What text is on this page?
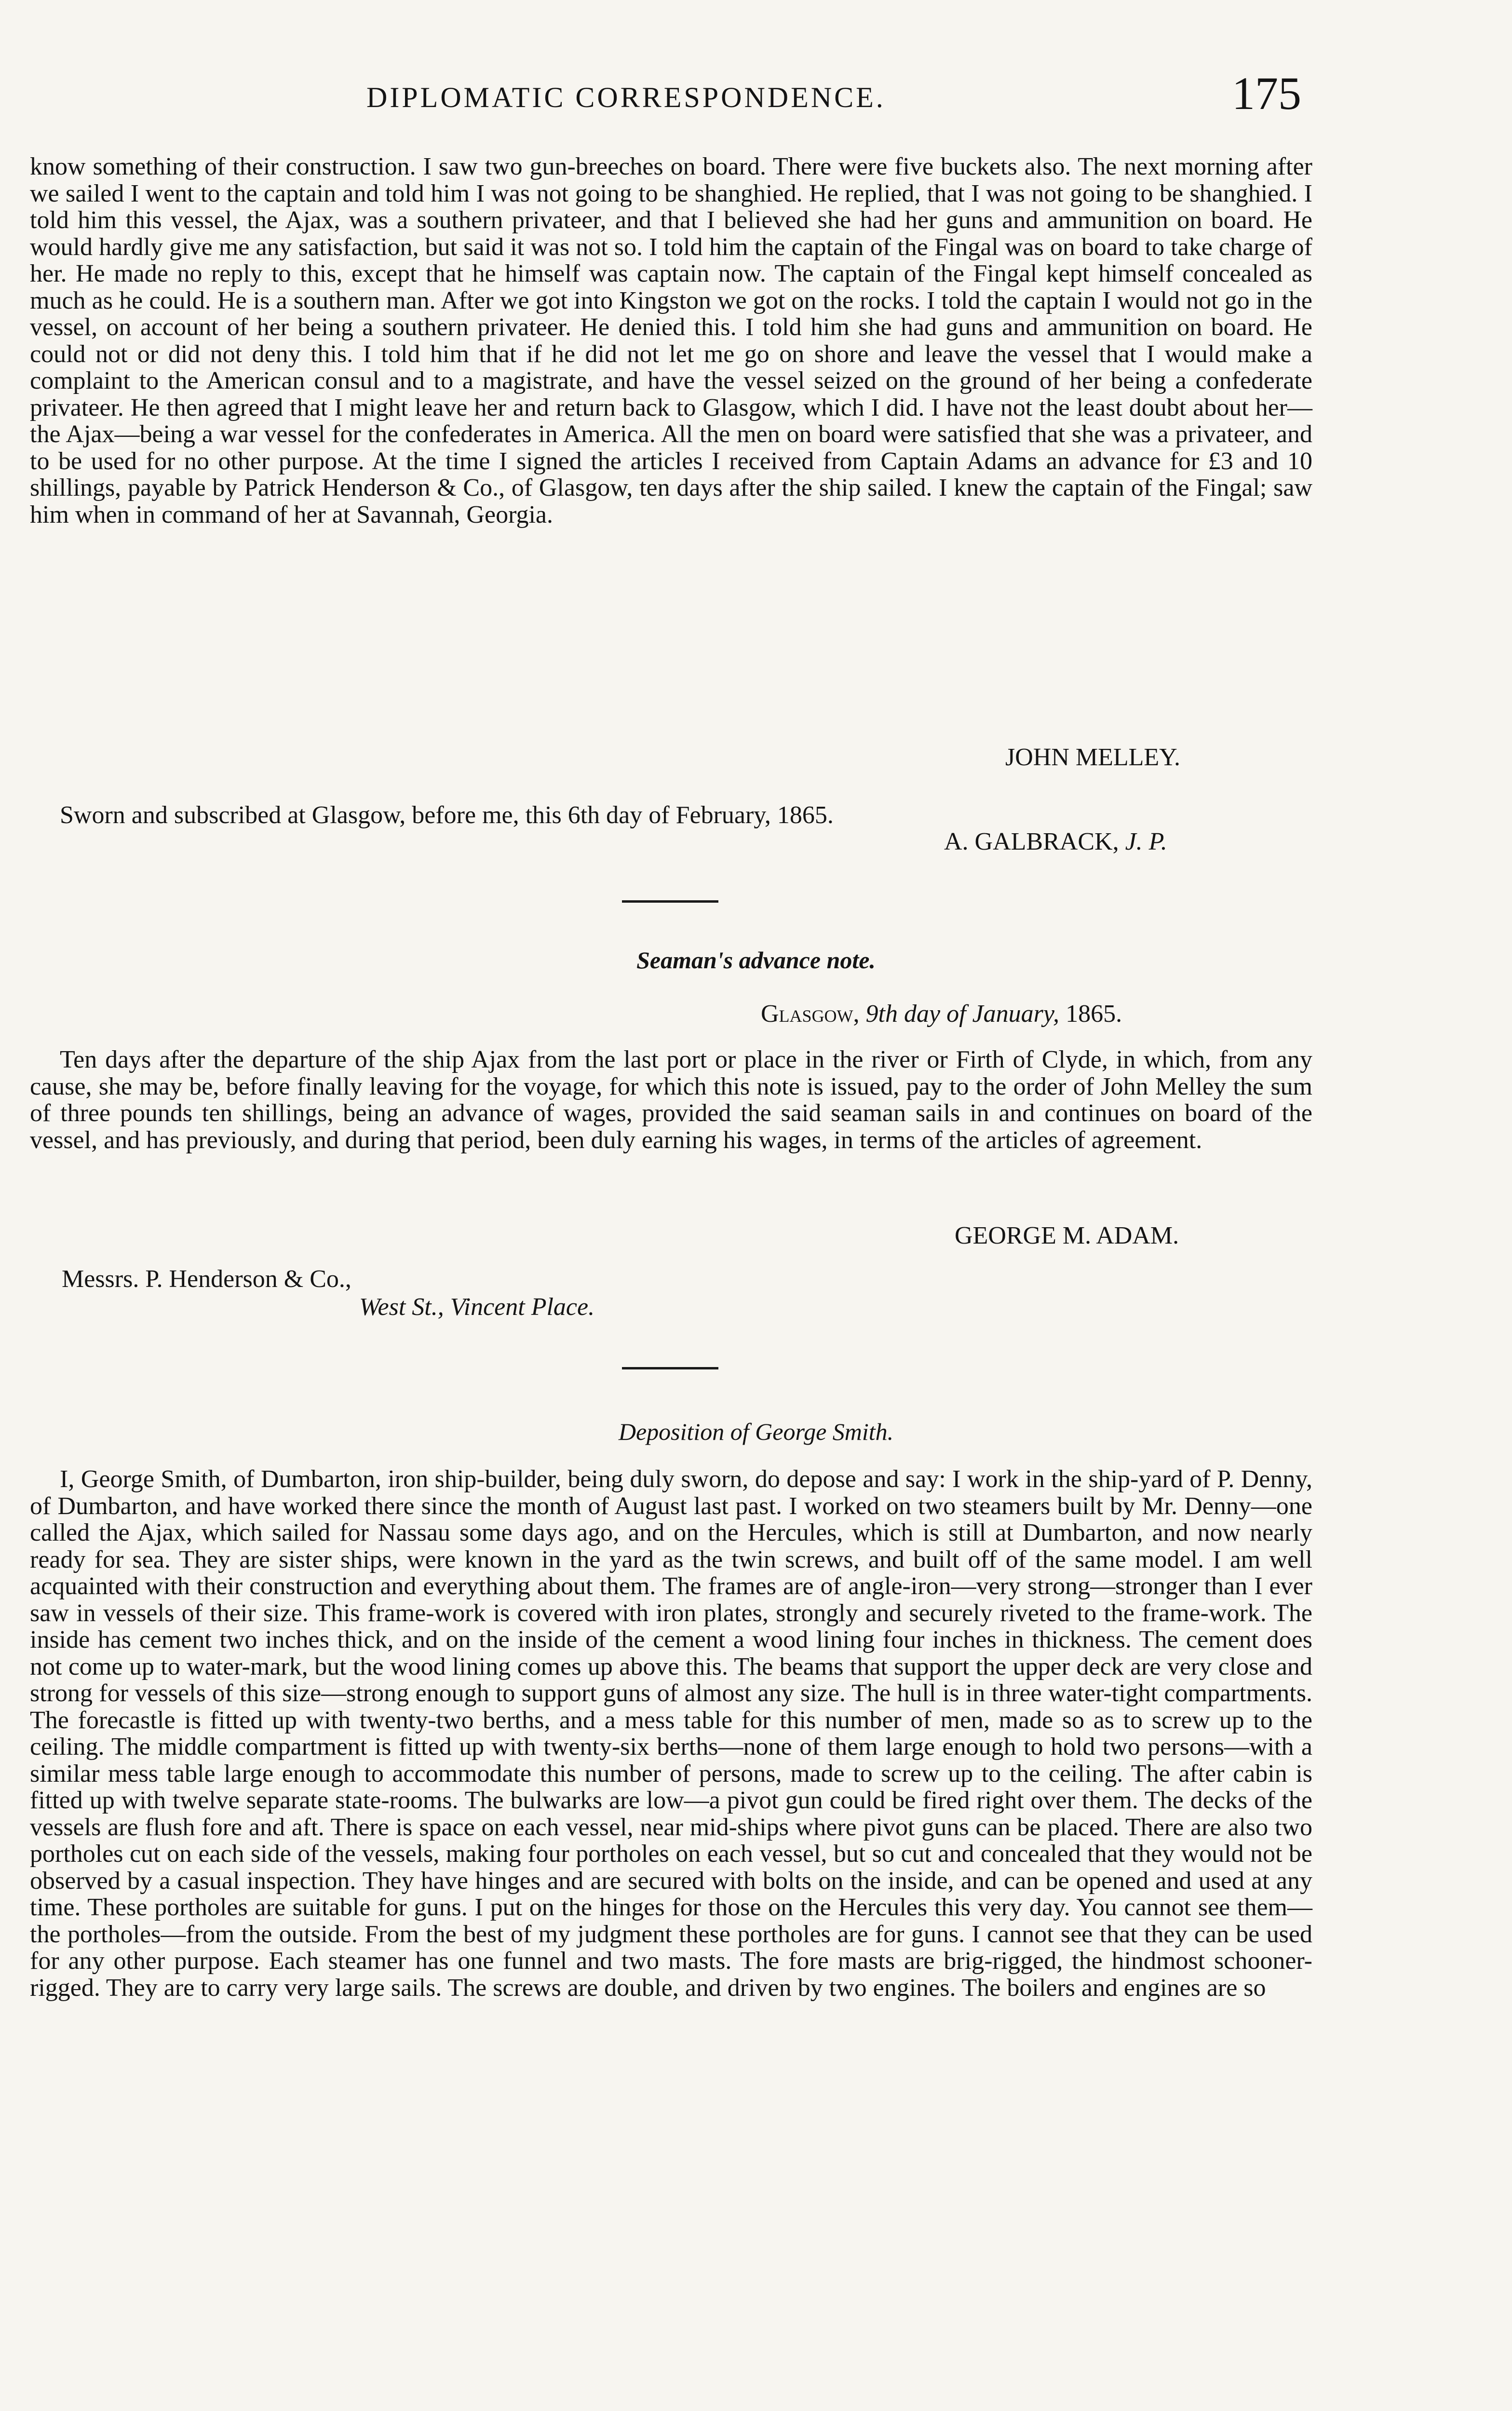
DIPLOMATIC CORRESPONDENCE.	175

know something of their construction. I saw two gun-breeches on board. There were five buckets also. The next morning after we sailed I went to the captain and told him I was not going to be shanghied. He replied, that I was not going to be shanghied. I told him this vessel, the Ajax, was a southern privateer, and that I believed she had her guns and ammunition on board. He would hardly give me any satisfaction, but said it was not so. I told him the captain of the Fingal was on board to take charge of her. He made no reply to this, except that he himself was captain now. The captain of the Fingal kept himself concealed as much as he could. He is a southern man. After we got into Kingston we got on the rocks. I told the captain I would not go in the vessel, on account of her being a southern privateer. He denied this. I told him she had guns and ammunition on board. He could not or did not deny this. I told him that if he did not let me go on shore and leave the vessel that I would make a complaint to the American consul and to a magistrate, and have the vessel seized on the ground of her being a confederate privateer. He then agreed that I might leave her and return back to Glasgow, which I did. I have not the least doubt about her—the Ajax—being a war vessel for the confederates in America. All the men on board were satisfied that she was a privateer, and to be used for no other purpose. At the time I signed the articles I received from Captain Adams an advance for £3 and 10 shillings, payable by Patrick Henderson & Co., of Glasgow, ten days after the ship sailed. I knew the captain of the Fingal; saw him when in command of her at Savannah, Georgia.

JOHN MELLEY.

Sworn and subscribed at Glasgow, before me, this 6th day of February, 1865.

A. GALBRACK, J. P.
Seaman's advance note.
Glasgow, 9th day of January, 1865.

Ten days after the departure of the ship Ajax from the last port or place in the river or Firth of Clyde, in which, from any cause, she may be, before finally leaving for the voyage, for which this note is issued, pay to the order of John Melley the sum of three pounds ten shillings, being an advance of wages, provided the said seaman sails in and continues on board of the vessel, and has previously, and during that period, been duly earning his wages, in terms of the articles of agreement.

GEORGE M. ADAM.
Messrs. P. Henderson & Co.,
West St., Vincent Place.
Deposition of George Smith.

I, George Smith, of Dumbarton, iron ship-builder, being duly sworn, do depose and say: I work in the ship-yard of P. Denny, of Dumbarton, and have worked there since the month of August last past. I worked on two steamers built by Mr. Denny—one called the Ajax, which sailed for Nassau some days ago, and on the Hercules, which is still at Dumbarton, and now nearly ready for sea. They are sister ships, were known in the yard as the twin screws, and built off of the same model. I am well acquainted with their construction and everything about them. The frames are of angle-iron—very strong—stronger than I ever saw in vessels of their size. This frame-work is covered with iron plates, strongly and securely riveted to the frame-work. The inside has cement two inches thick, and on the inside of the cement a wood lining four inches in thickness. The cement does not come up to water-mark, but the wood lining comes up above this. The beams that support the upper deck are very close and strong for vessels of this size—strong enough to support guns of almost any size. The hull is in three water-tight compartments. The forecastle is fitted up with twenty-two berths, and a mess table for this number of men, made so as to screw up to the ceiling. The middle compartment is fitted up with twenty-six berths—none of them large enough to hold two persons—with a similar mess table large enough to accommodate this number of persons, made to screw up to the ceiling. The after cabin is fitted up with twelve separate state-rooms. The bulwarks are low—a pivot gun could be fired right over them. The decks of the vessels are flush fore and aft. There is space on each vessel, near mid-ships where pivot guns can be placed. There are also two portholes cut on each side of the vessels, making four portholes on each vessel, but so cut and concealed that they would not be observed by a casual inspection. They have hinges and are secured with bolts on the inside, and can be opened and used at any time. These portholes are suitable for guns. I put on the hinges for those on the Hercules this very day. You cannot see them—the portholes—from the outside. From the best of my judgment these portholes are for guns. I cannot see that they can be used for any other purpose. Each steamer has one funnel and two masts. The fore masts are brig-rigged, the hindmost schooner-rigged. They are to carry very large sails. The screws are double, and driven by two engines. The boilers and engines are so
